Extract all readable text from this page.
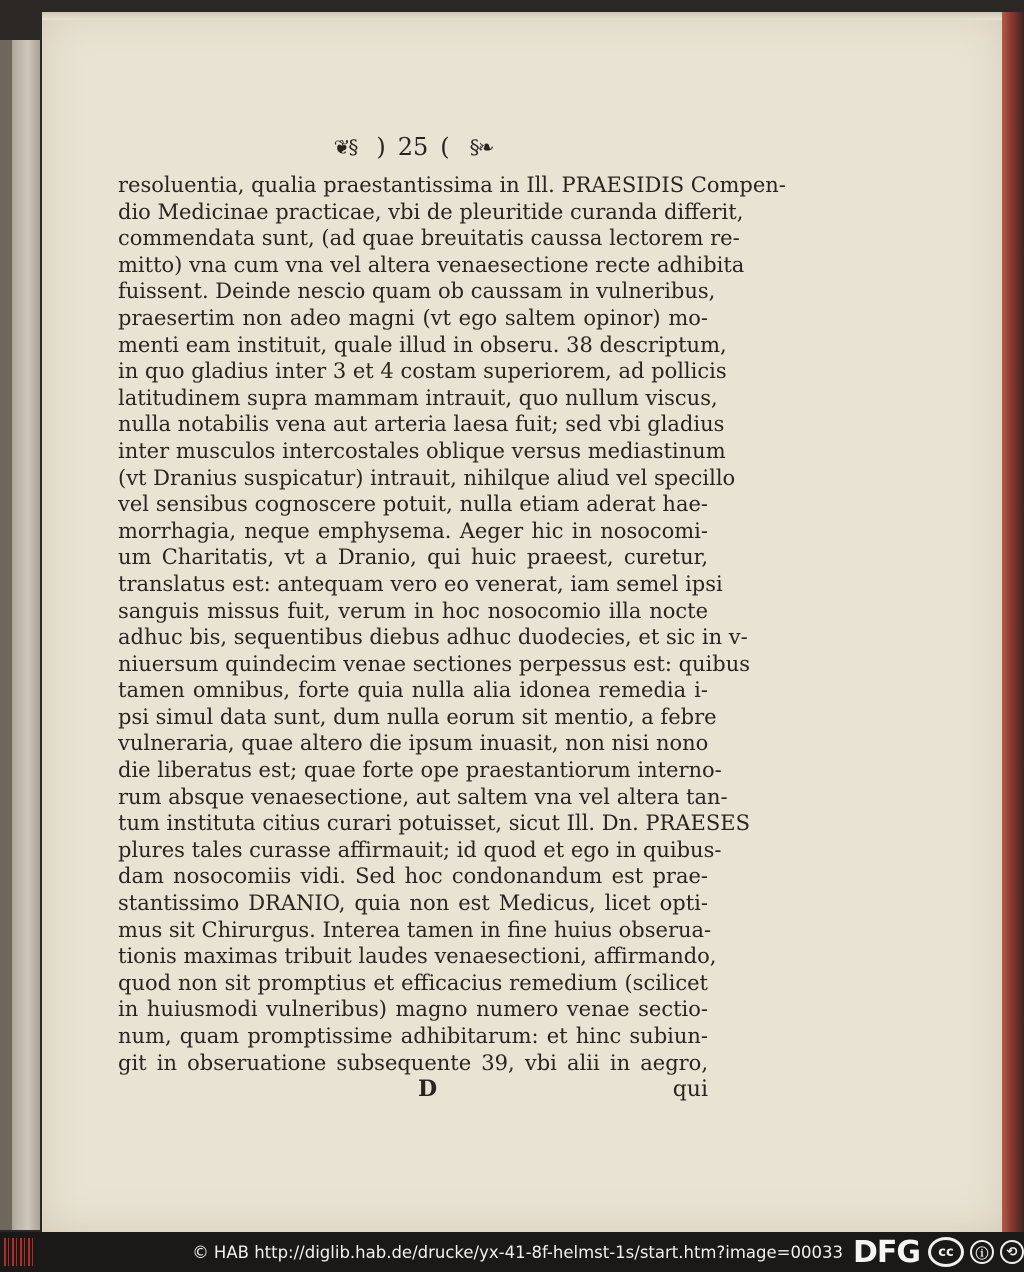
❦§ ) 25 ( §❧
resoluentia, qualia praestantissima in Ill. PRAESIDIS Compen-
dio Medicinae practicae, vbi de pleuritide curanda differit,
commendata sunt, (ad quae breuitatis caussa lectorem re-
mitto) vna cum vna vel altera venaesectione recte adhibita
fuissent. Deinde nescio quam ob caussam in vulneribus,
praesertim non adeo magni (vt ego saltem opinor) mo-
menti eam instituit, quale illud in obseru. 38 descriptum,
in quo gladius inter 3 et 4 costam superiorem, ad pollicis
latitudinem supra mammam intrauit, quo nullum viscus,
nulla notabilis vena aut arteria laesa fuit; sed vbi gladius
inter musculos intercostales oblique versus mediastinum
(vt Dranius suspicatur) intrauit, nihilque aliud vel specillo
vel sensibus cognoscere potuit, nulla etiam aderat hae-
morrhagia, neque emphysema. Aeger hic in nosocomi-
um Charitatis, vt a Dranio, qui huic praeest, curetur,
translatus est: antequam vero eo venerat, iam semel ipsi
sanguis missus fuit, verum in hoc nosocomio illa nocte
adhuc bis, sequentibus diebus adhuc duodecies, et sic in v-
niuersum quindecim venae sectiones perpessus est: quibus
tamen omnibus, forte quia nulla alia idonea remedia i-
psi simul data sunt, dum nulla eorum sit mentio, a febre
vulneraria, quae altero die ipsum inuasit, non nisi nono
die liberatus est; quae forte ope praestantiorum interno-
rum absque venaesectione, aut saltem vna vel altera tan-
tum instituta citius curari potuisset, sicut Ill. Dn. PRAESES
plures tales curasse affirmauit; id quod et ego in quibus-
dam nosocomiis vidi. Sed hoc condonandum est prae-
stantissimo DRANIO, quia non est Medicus, licet opti-
mus sit Chirurgus. Interea tamen in fine huius obserua-
tionis maximas tribuit laudes venaesectioni, affirmando,
quod non sit promptius et efficacius remedium (scilicet
in huiusmodi vulneribus) magno numero venae sectio-
num, quam promptissime adhibitarum: et hinc subiun-
git in obseruatione subsequente 39, vbi alii in aegro,
D	qui
© HAB http://diglib.hab.de/drucke/yx-41-8f-helmst-1s/start.htm?image=00033 DFG	cc	ⓘ	⟲
